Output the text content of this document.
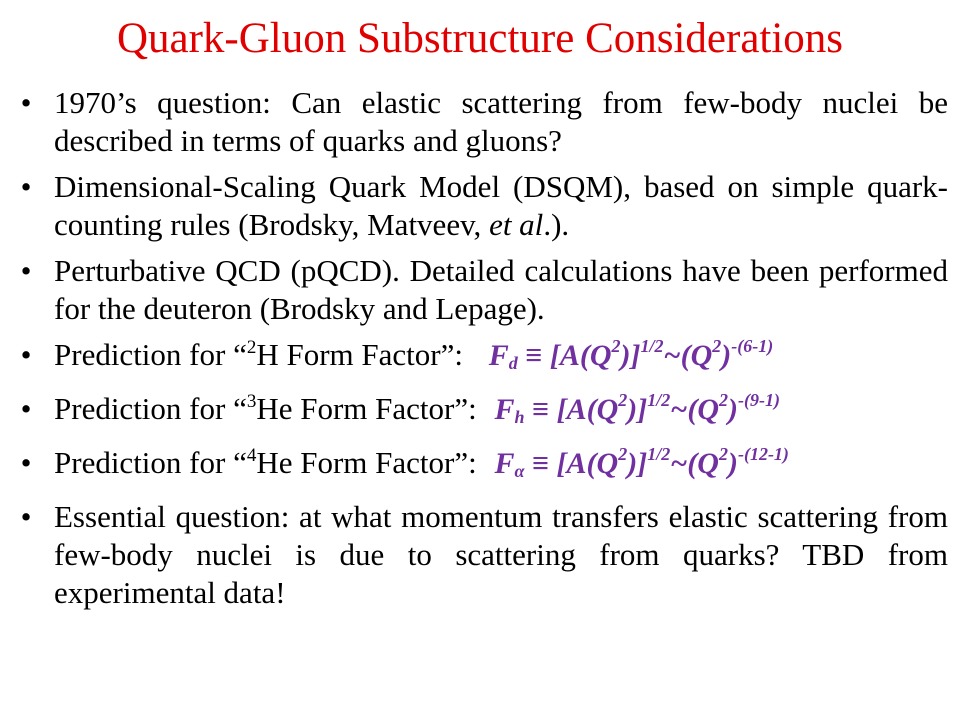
Quark-Gluon Substructure Considerations
• 1970’s question: Can elastic scattering from few-body nuclei be described in terms of quarks and gluons?
• Dimensional-Scaling Quark Model (DSQM), based on simple quark-counting rules (Brodsky, Matveev, et al.).
• Perturbative QCD (pQCD). Detailed calculations have been performed for the deuteron (Brodsky and Lepage).
• Prediction for “$^2$H Form Factor”: $F_d$ ≡ $[A(Q^2)]^{1/2}\sim(Q^2)^{-(6-1)}$
• Prediction for “$^3$He Form Factor”: $F_h$ ≡ $[A(Q^2)]^{1/2}\sim(Q^2)^{-(9-1)}$
• Prediction for “$^4$He Form Factor”: $F_\alpha$ ≡ $[A(Q^2)]^{1/2}\sim(Q^2)^{-(12-1)}$
• Essential question: at what momentum transfers elastic scattering from few-body nuclei is due to scattering from quarks? TBD from experimental data!
